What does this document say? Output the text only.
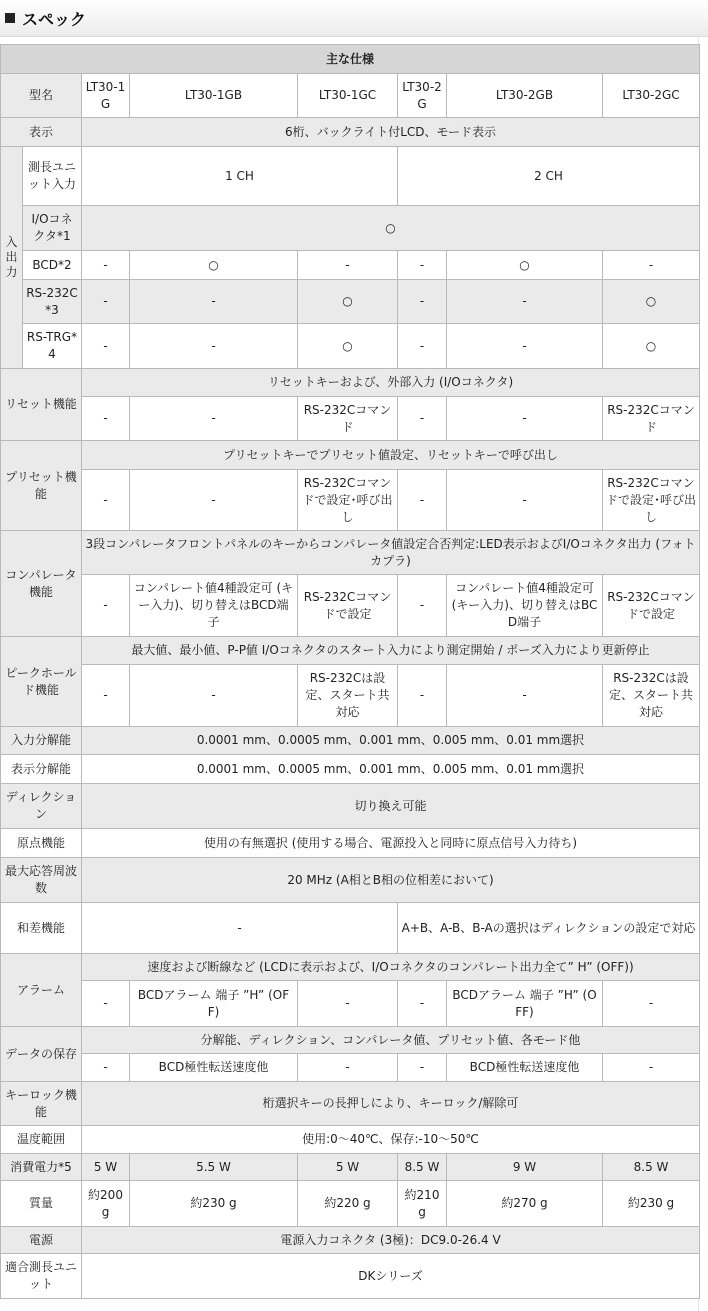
スペック
主な仕様							
型名		LT30-1G	LT30-1GB	LT30-1GC	LT30-2G	LT30-2GB	LT30-2GC
表示		6桁、バックライト付LCD、モード表示					
入出力	測長ユニット入力	1 CH			2 CH		
	I/Oコネクタ*1	○					
	BCD*2	-	○	-	-	○	-
	RS-232C*3	-	-	○	-	-	○
	RS-TRG*4	-	-	○	-	-	○
リセット機能		リセットキーおよび、外部入力 (I/Oコネクタ)					
		-	-	RS-232Cコマンド	-	-	RS-232Cコマンド
プリセット機能		プリセットキーでプリセット値設定、リセットキーで呼び出し					
		-	-	RS-232Cコマンドで設定･呼び出し	-	-	RS-232Cコマンドで設定･呼び出し
コンパレータ機能		3段コンパレータフロントパネルのキーからコンパレータ値設定合否判定:LED表示およびI/Oコネクタ出力 (フォトカプラ)					
		-	コンパレート値4種設定可 (キー入力)、切り替えはBCD端子	RS-232Cコマンドで設定	-	コンパレート値4種設定可 (キー入力)、切り替えはBCD端子	RS-232Cコマンドで設定
ピークホールド機能		最大値、最小値、P-P値 I/Oコネクタのスタート入力により測定開始 / ポーズ入力により更新停止					
		-	-	RS-232Cは設定、スタート共対応	-	-	RS-232Cは設定、スタート共対応
入力分解能		0.0001 mm、0.0005 mm、0.001 mm、0.005 mm、0.01 mm選択					
表示分解能		0.0001 mm、0.0005 mm、0.001 mm、0.005 mm、0.01 mm選択					
ディレクション		切り換え可能					
原点機能		使用の有無選択 (使用する場合、電源投入と同時に原点信号入力待ち)					
最大応答周波数		20 MHz (A相とB相の位相差において)					
和差機能		-			A+B、A-B、B-Aの選択はディレクションの設定で対応		
アラーム		速度および断線など (LCDに表示および、I/Oコネクタのコンパレート出力全て” H” (OFF))					
		-	BCDアラーム 端子 ”H” (OFF)	-	-	BCDアラーム 端子 ”H” (OFF)	-
データの保存		分解能、ディレクション、コンパレータ値、プリセット値、各モード他					
		-	BCD極性転送速度他	-	-	BCD極性転送速度他	-
キーロック機能		桁選択キーの長押しにより、キーロック/解除可					
温度範囲		使用:0～40℃、保存:-10～50℃					
消費電力*5		5 W	5.5 W	5 W	8.5 W	9 W	8.5 W
質量		約200 g	約230 g	約220 g	約210 g	約270 g	約230 g
電源		電源入力コネクタ (3極)：DC9.0-26.4 V					
適合測長ユニット		DKシリーズ					
